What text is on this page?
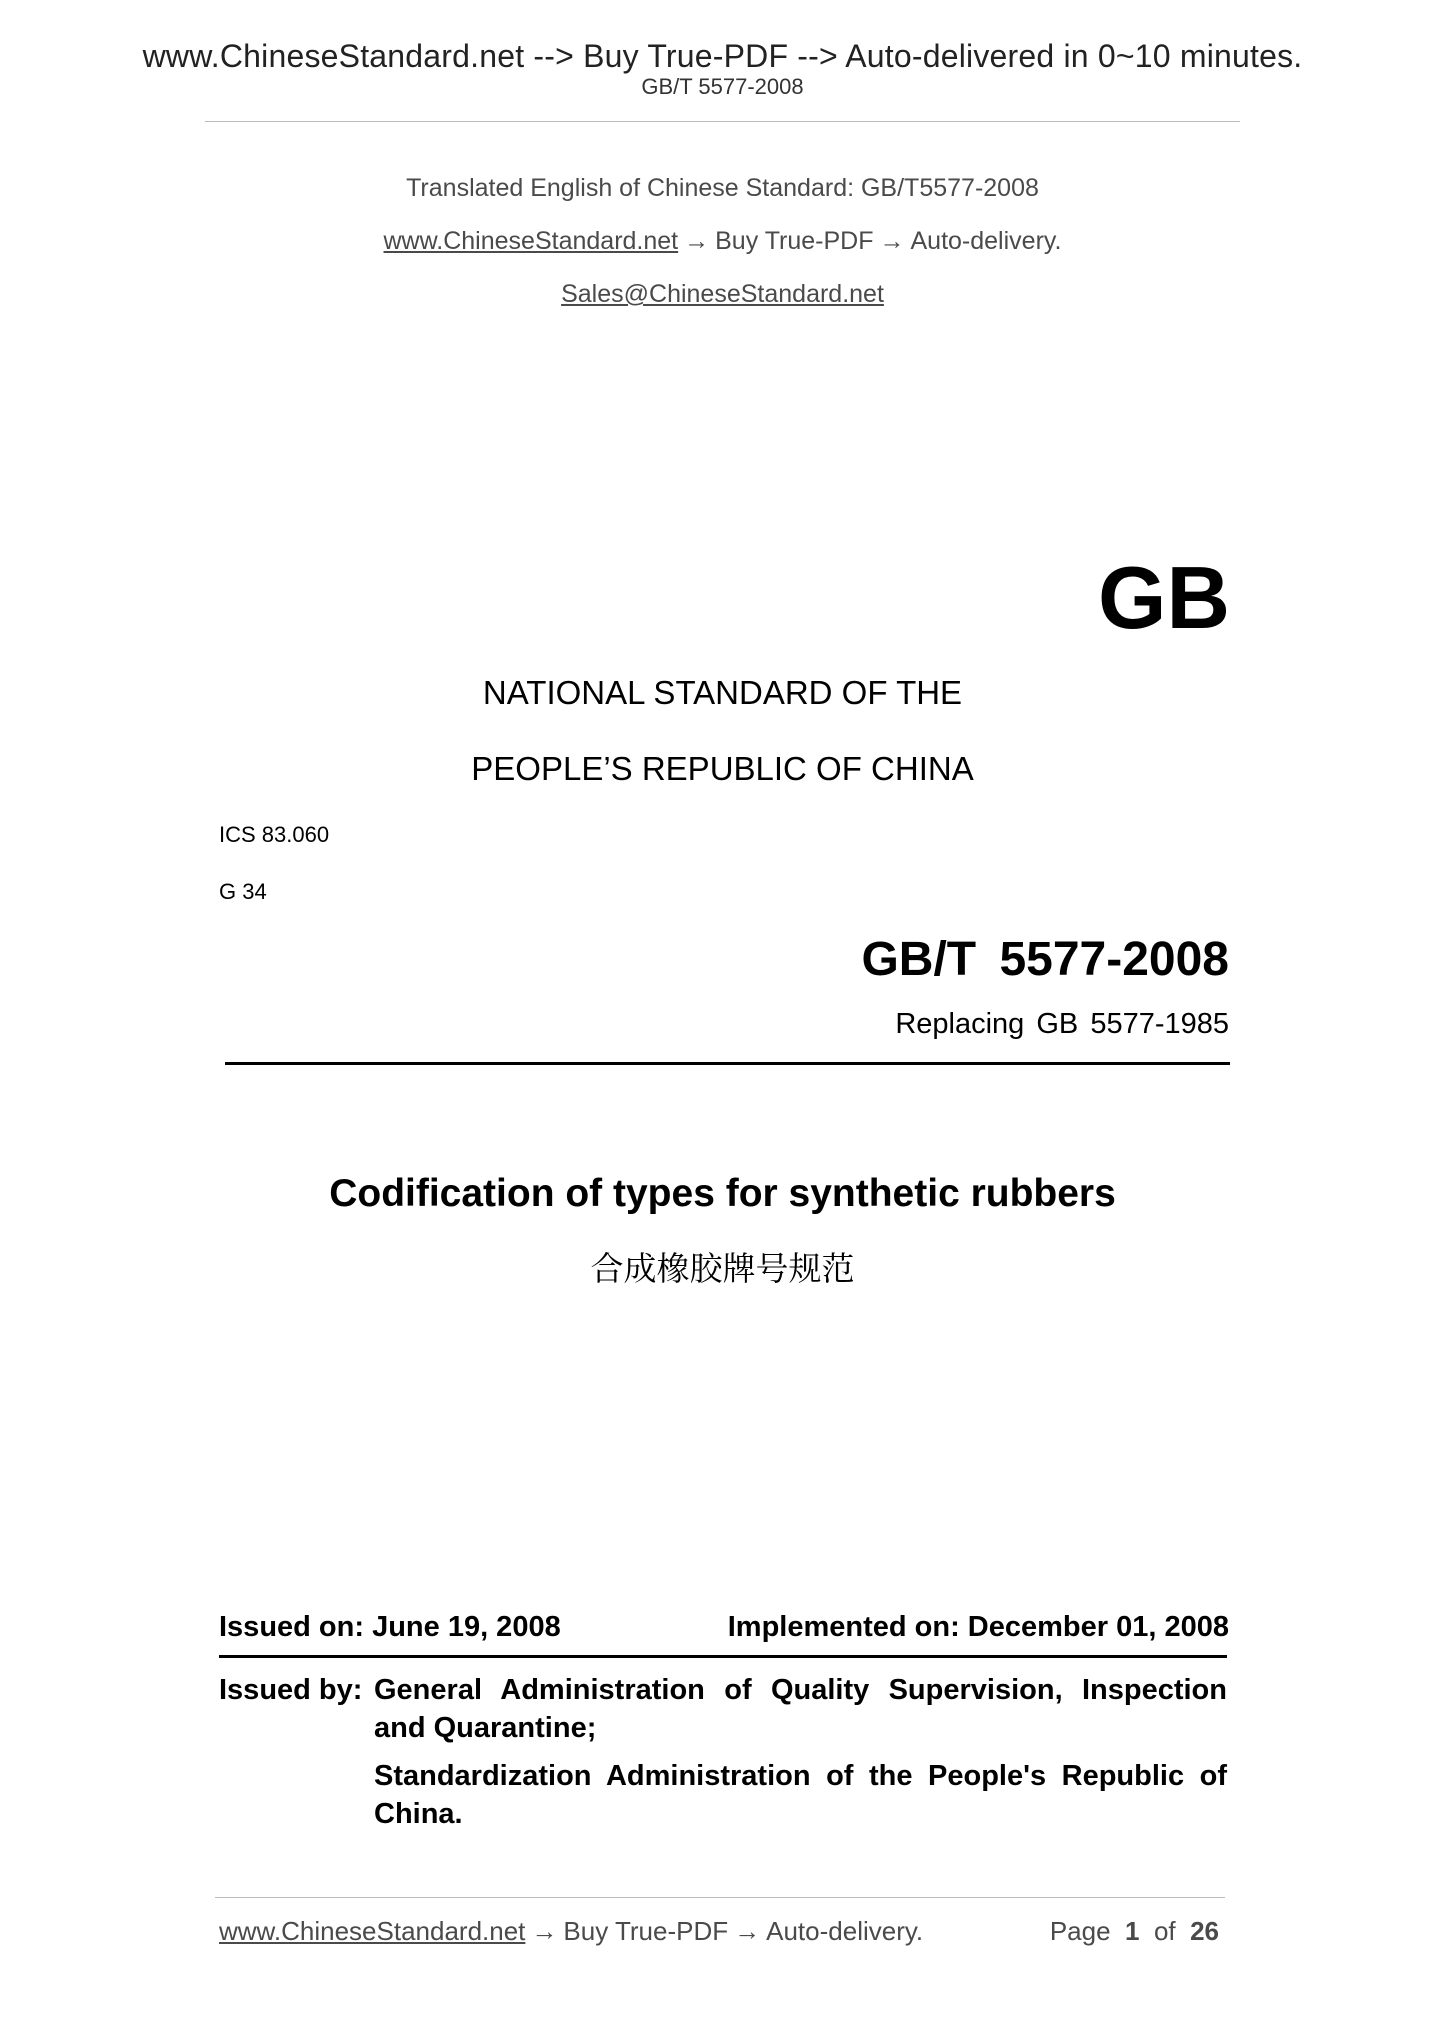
www.ChineseStandard.net --> Buy True-PDF --> Auto-delivered in 0~10 minutes.
GB/T 5577-2008
Translated English of Chinese Standard: GB/T5577-2008
www.ChineseStandard.net → Buy True-PDF → Auto-delivery.
Sales@ChineseStandard.net
GB
NATIONAL STANDARD OF THE
PEOPLE’S REPUBLIC OF CHINA
ICS 83.060
G 34
GB/T 5577-2008
Replacing GB 5577-1985
Codification of types for synthetic rubbers
合成橡胶牌号规范
Issued on: June 19, 2008	Implemented on: December 01, 2008
Issued by: General Administration of Quality Supervision, Inspection and Quarantine;
Standardization Administration of the People's Republic of China.
www.ChineseStandard.net → Buy True-PDF → Auto-delivery.	Page 1 of 26
